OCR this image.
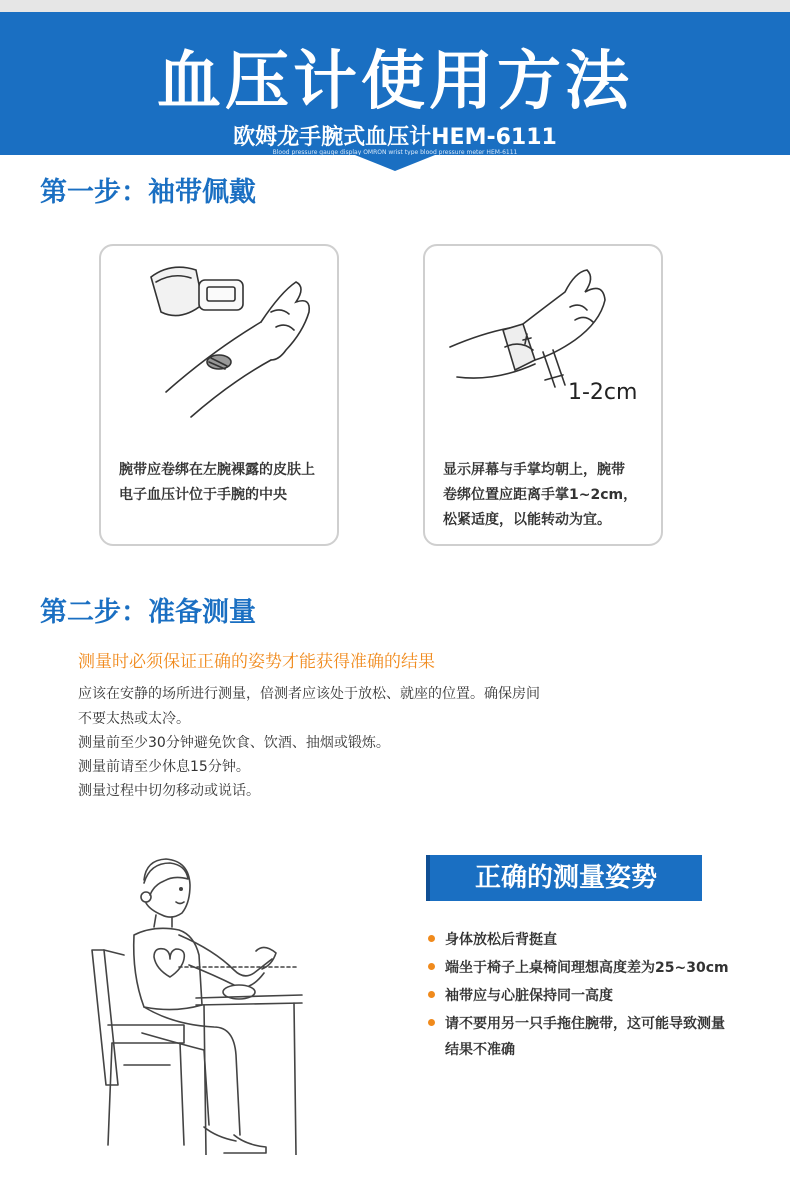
血压计使用方法
欧姆龙手腕式血压计HEM-6111
Blood pressure gauge display OMRON wrist type blood pressure meter HEM-6111
第一步：袖带佩戴
腕带应卷绑在左腕裸露的皮肤上
电子血压计位于手腕的中央
1-2cm
显示屏幕与手掌均朝上，腕带
卷绑位置应距离手掌1~2cm，
松紧适度，以能转动为宜。
第二步：准备测量
测量时必须保证正确的姿势才能获得准确的结果
应该在安静的场所进行测量，倍测者应该处于放松、就座的位置。确保房间
不要太热或太冷。
测量前至少30分钟避免饮食、饮酒、抽烟或锻炼。
测量前请至少休息15分钟。
测量过程中切勿移动或说话。
正确的测量姿势
身体放松后背挺直
端坐于椅子上桌椅间理想高度差为25~30cm
袖带应与心脏保持同一高度
请不要用另一只手拖住腕带，这可能导致测量
结果不准确
